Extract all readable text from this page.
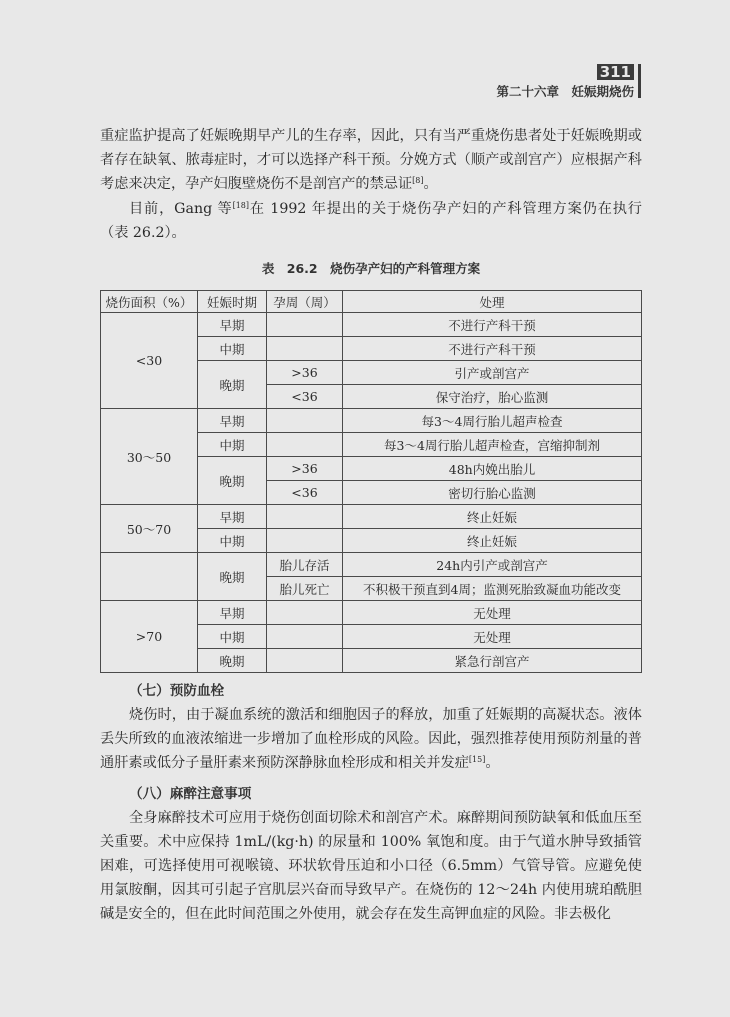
311
第二十六章　妊娠期烧伤

重症监护提高了妊娠晚期早产儿的生存率，因此，只有当严重烧伤患者处于妊娠晚期或者存在缺氧、脓毒症时，才可以选择产科干预。分娩方式（顺产或剖宫产）应根据产科考虑来决定，孕产妇腹壁烧伤不是剖宫产的禁忌证[8]。

目前，Gang 等[18]在 1992 年提出的关于烧伤孕产妇的产科管理方案仍在执行（表 26.2）。

表 26.2　烧伤孕产妇的产科管理方案
烧伤面积（%）	妊娠时期	孕周（周）	处理
<30	早期		不进行产科干预
	中期		不进行产科干预
	晚期	>36	引产或剖宫产
		<36	保守治疗，胎心监测
30～50	早期		每3～4周行胎儿超声检查
	中期		每3～4周行胎儿超声检查，宫缩抑制剂
	晚期	>36	48h内娩出胎儿
		<36	密切行胎心监测
50～70	早期		终止妊娠
	中期		终止妊娠
	晚期	胎儿存活	24h内引产或剖宫产
		胎儿死亡	不积极干预直到4周；监测死胎致凝血功能改变
>70	早期		无处理
	中期		无处理
	晚期		紧急行剖宫产
（七）预防血栓

烧伤时，由于凝血系统的激活和细胞因子的释放，加重了妊娠期的高凝状态。液体丢失所致的血液浓缩进一步增加了血栓形成的风险。因此，强烈推荐使用预防剂量的普通肝素或低分子量肝素来预防深静脉血栓形成和相关并发症[15]。

（八）麻醉注意事项

全身麻醉技术可应用于烧伤创面切除术和剖宫产术。麻醉期间预防缺氧和低血压至关重要。术中应保持 1mL/(kg·h) 的尿量和 100% 氧饱和度。由于气道水肿导致插管困难，可选择使用可视喉镜、环状软骨压迫和小口径（6.5mm）气管导管。应避免使用氯胺酮，因其可引起子宫肌层兴奋而导致早产。在烧伤的 12～24h 内使用琥珀酰胆碱是安全的，但在此时间范围之外使用，就会存在发生高钾血症的风险。非去极化
